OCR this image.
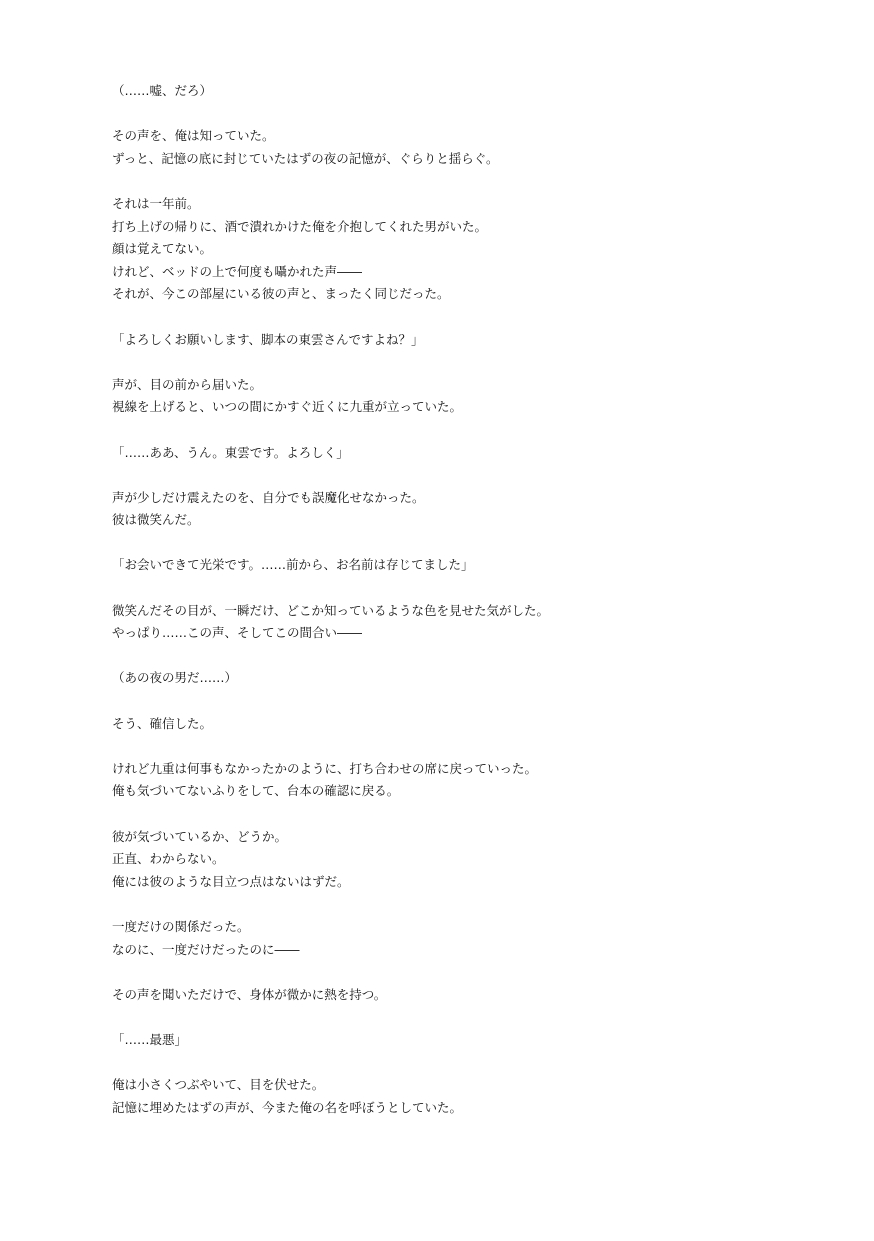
（……嘘、だろ）
その声を、俺は知っていた。
ずっと、記憶の底に封じていたはずの夜の記憶が、ぐらりと揺らぐ。
それは一年前。
打ち上げの帰りに、酒で潰れかけた俺を介抱してくれた男がいた。
顔は覚えてない。
けれど、ベッドの上で何度も囁かれた声――
それが、今この部屋にいる彼の声と、まったく同じだった。
「よろしくお願いします、脚本の東雲さんですよね？」
声が、目の前から届いた。
視線を上げると、いつの間にかすぐ近くに九重が立っていた。
「……ああ、うん。東雲です。よろしく」
声が少しだけ震えたのを、自分でも誤魔化せなかった。
彼は微笑んだ。
「お会いできて光栄です。……前から、お名前は存じてました」
微笑んだその目が、一瞬だけ、どこか知っているような色を見せた気がした。
やっぱり……この声、そしてこの間合い――
（あの夜の男だ……）
そう、確信した。
けれど九重は何事もなかったかのように、打ち合わせの席に戻っていった。
俺も気づいてないふりをして、台本の確認に戻る。
彼が気づいているか、どうか。
正直、わからない。
俺には彼のような目立つ点はないはずだ。
一度だけの関係だった。
なのに、一度だけだったのに――
その声を聞いただけで、身体が微かに熱を持つ。
「……最悪」
俺は小さくつぶやいて、目を伏せた。
記憶に埋めたはずの声が、今また俺の名を呼ぼうとしていた。
